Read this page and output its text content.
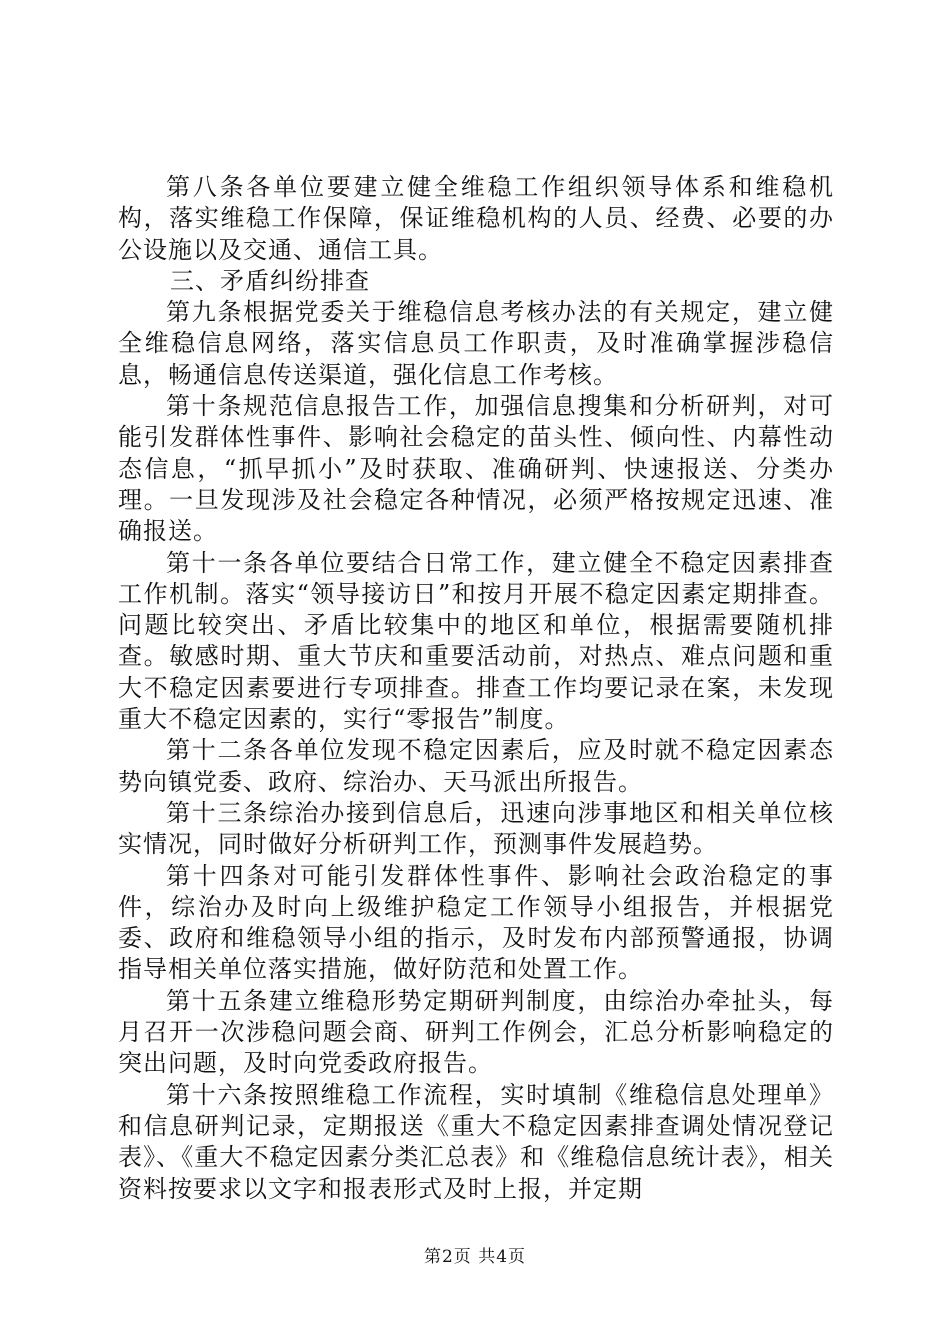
第八条各单位要建立健全维稳工作组织领导体系和维稳机构，落实维稳工作保障，保证维稳机构的人员、经费、必要的办公设施以及交通、通信工具。

三、矛盾纠纷排查

第九条根据党委关于维稳信息考核办法的有关规定，建立健全维稳信息网络，落实信息员工作职责，及时准确掌握涉稳信息，畅通信息传送渠道，强化信息工作考核。

第十条规范信息报告工作，加强信息搜集和分析研判，对可能引发群体性事件、影响社会稳定的苗头性、倾向性、内幕性动态信息，“抓早抓小”及时获取、准确研判、快速报送、分类办理。一旦发现涉及社会稳定各种情况，必须严格按规定迅速、准确报送。

第十一条各单位要结合日常工作，建立健全不稳定因素排查工作机制。落实“领导接访日”和按月开展不稳定因素定期排查。问题比较突出、矛盾比较集中的地区和单位，根据需要随机排查。敏感时期、重大节庆和重要活动前，对热点、难点问题和重大不稳定因素要进行专项排查。排查工作均要记录在案，未发现重大不稳定因素的，实行“零报告”制度。

第十二条各单位发现不稳定因素后，应及时就不稳定因素态势向镇党委、政府、综治办、天马派出所报告。

第十三条综治办接到信息后，迅速向涉事地区和相关单位核实情况，同时做好分析研判工作，预测事件发展趋势。

第十四条对可能引发群体性事件、影响社会政治稳定的事件，综治办及时向上级维护稳定工作领导小组报告，并根据党委、政府和维稳领导小组的指示，及时发布内部预警通报，协调指导相关单位落实措施，做好防范和处置工作。

第十五条建立维稳形势定期研判制度，由综治办牵扯头，每月召开一次涉稳问题会商、研判工作例会，汇总分析影响稳定的突出问题，及时向党委政府报告。

第十六条按照维稳工作流程，实时填制《维稳信息处理单》和信息研判记录，定期报送《重大不稳定因素排查调处情况登记表》、《重大不稳定因素分类汇总表》和《维稳信息统计表》，相关资料按要求以文字和报表形式及时上报，并定期

第2页 共4页
